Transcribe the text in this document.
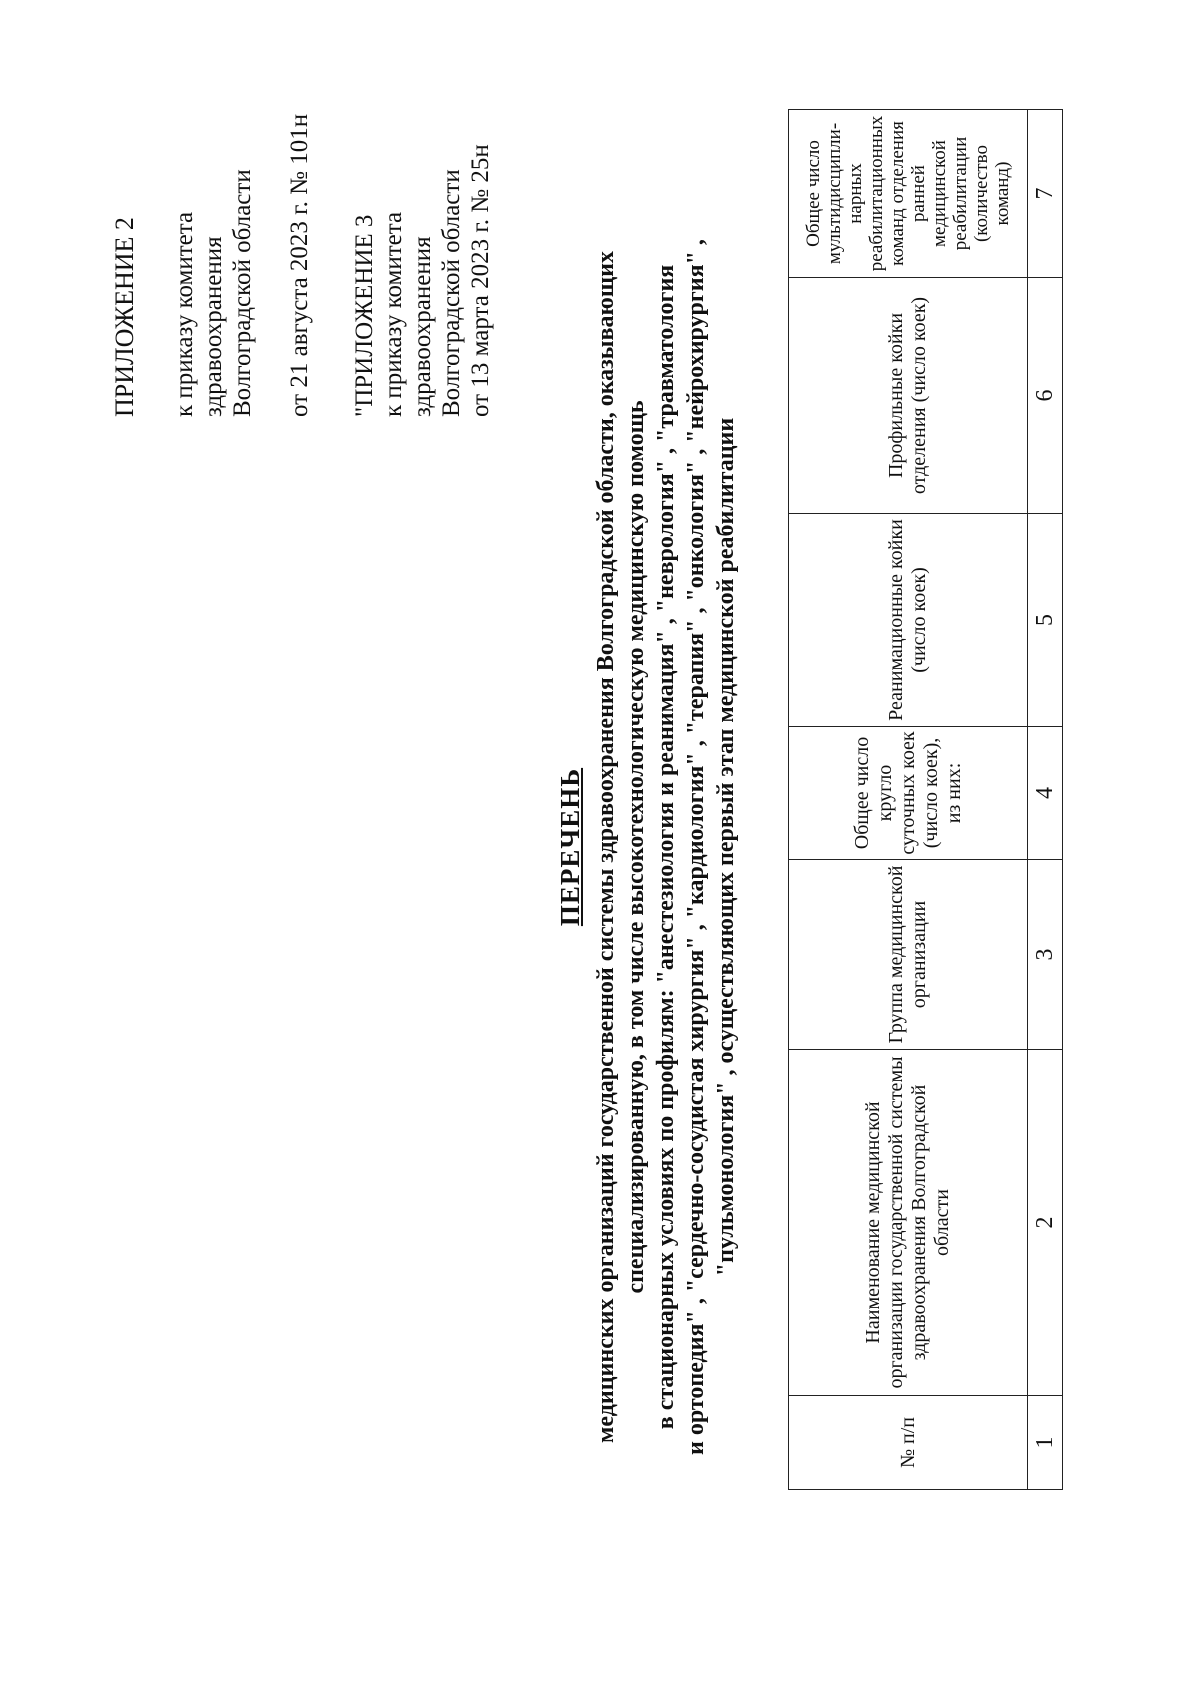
ПРИЛОЖЕНИЕ 2 к приказу комитета здравоохранения Волгоградской области от 21 августа 2023 г. № 101н "ПРИЛОЖЕНИЕ 3 к приказу комитета здравоохранения Волгоградской области от 13 марта 2023 г. № 25н
ПЕРЕЧЕНЬ медицинских организаций государственной системы здравоохранения Волгоградской области, оказывающих специализированную, в том числе высокотехнологическую медицинскую помощь в стационарных условиях по профилям: "анестезиология и реанимация" , "неврология" , "травматология и ортопедия" , "сердечно-сосудистая хирургия" , "кардиология" , "терапия" , "онкология" , "нейрохирургия" , "пульмонология" , осуществляющих первый этап медицинской реабилитации
№ п/п	Наименование медицинской организации государственной системы здравоохранения Волгоградской области	Группа медицинской организации	Общее число кругло суточных коек (число коек), из них:	Реанимационные койки (число коек)	Профильные койки отделения (число коек)	Общее число мультидисципли-нарных реабилитационных команд отделения ранней медицинской реабилитации (количество команд)
1	2	3	4	5	6	7
